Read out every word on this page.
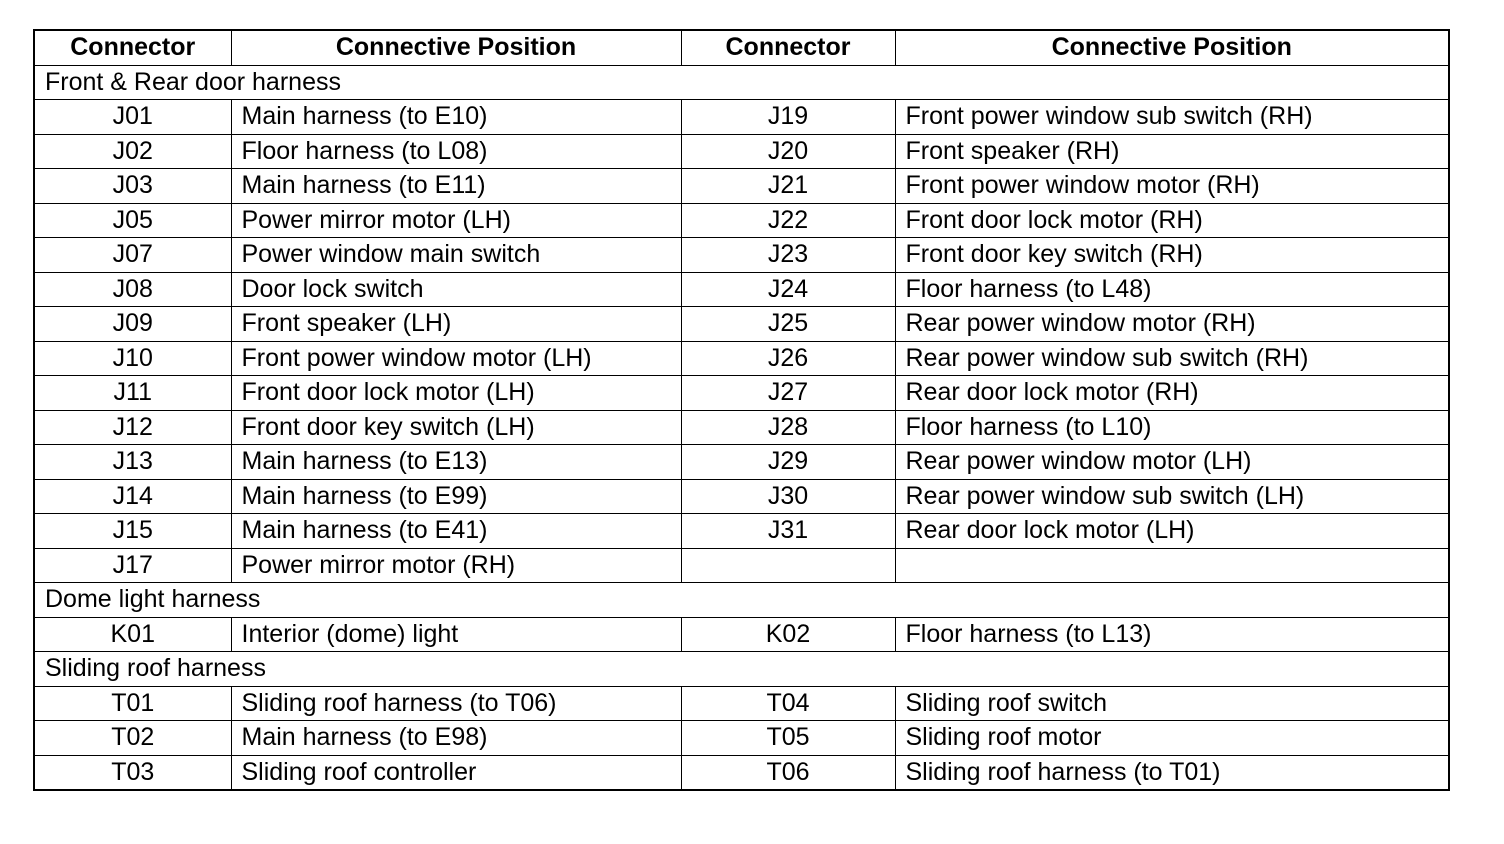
Connector	Connective Position	Connector	Connective Position
Front & Rear door harness			
J01	Main harness (to E10)	J19	Front power window sub switch (RH)
J02	Floor harness (to L08)	J20	Front speaker (RH)
J03	Main harness (to E11)	J21	Front power window motor (RH)
J05	Power mirror motor (LH)	J22	Front door lock motor (RH)
J07	Power window main switch	J23	Front door key switch (RH)
J08	Door lock switch	J24	Floor harness (to L48)
J09	Front speaker (LH)	J25	Rear power window motor (RH)
J10	Front power window motor (LH)	J26	Rear power window sub switch (RH)
J11	Front door lock motor (LH)	J27	Rear door lock motor (RH)
J12	Front door key switch (LH)	J28	Floor harness (to L10)
J13	Main harness (to E13)	J29	Rear power window motor (LH)
J14	Main harness (to E99)	J30	Rear power window sub switch (LH)
J15	Main harness (to E41)	J31	Rear door lock motor (LH)
J17	Power mirror motor (RH)		
Dome light harness			
K01	Interior (dome) light	K02	Floor harness (to L13)
Sliding roof harness			
T01	Sliding roof harness (to T06)	T04	Sliding roof switch
T02	Main harness (to E98)	T05	Sliding roof motor
T03	Sliding roof controller	T06	Sliding roof harness (to T01)
